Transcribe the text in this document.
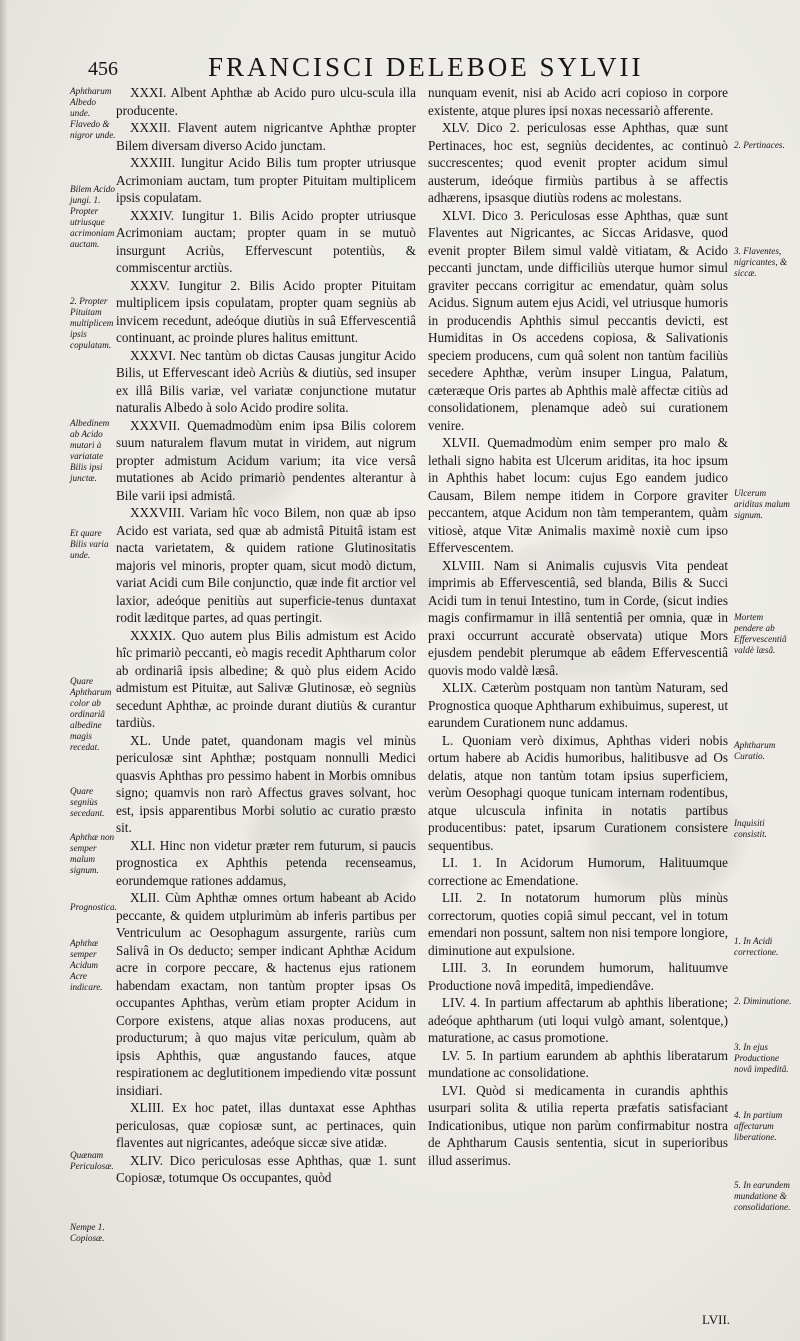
456	FRANCISCI DELEBOE SYLVII

XXXI. Albent Aphthæ ab Acido puro ulcu-scula illa producente.

XXXII. Flavent autem nigricantve Aphthæ propter Bilem diversam diverso Acido junctam.

XXXIII. Iungitur Acido Bilis tum propter utriusque Acrimoniam auctam, tum propter Pituitam multiplicem ipsis copulatam.

XXXIV. Iungitur 1. Bilis Acido propter utriusque Acrimoniam auctam; propter quam in se mutuò insurgunt Acriùs, Effervescunt potentiùs, & commiscentur arctiùs.

XXXV. Iungitur 2. Bilis Acido propter Pituitam multiplicem ipsis copulatam, propter quam segniùs ab invicem recedunt, adeóque diutiùs in suâ Effervescentiâ continuant, ac proinde plures halitus emittunt.

XXXVI. Nec tantùm ob dictas Causas jungitur Acido Bilis, ut Effervescant ideò Acriùs & diutiùs, sed insuper ex illâ Bilis variæ, vel variatæ conjunctione mutatur naturalis Albedo à solo Acido prodire solita.

XXXVII. Quemadmodùm enim ipsa Bilis colorem suum naturalem flavum mutat in viridem, aut nigrum propter admistum Acidum varium; ita vice versâ mutationes ab Acido primariò pendentes alterantur à Bile varii ipsi admistâ.

XXXVIII. Variam hîc voco Bilem, non quæ ab ipso Acido est variata, sed quæ ab admistâ Pituitâ istam est nacta varietatem, & quidem ratione Glutinositatis majoris vel minoris, propter quam, sicut modò dictum, variat Acidi cum Bile conjunctio, quæ inde fit arctior vel laxior, adeóque penitiùs aut superficie-tenus duntaxat rodit læditque partes, ad quas pertingit.

XXXIX. Quo autem plus Bilis admistum est Acido hîc primariò peccanti, eò magis recedit Aphtharum color ab ordinariâ ipsis albedine; & quò plus eidem Acido admistum est Pituitæ, aut Salivæ Glutinosæ, eò segniùs secedunt Aphthæ, ac proinde durant diutiùs & curantur tardiùs.

XL. Unde patet, quandonam magis vel minùs periculosæ sint Aphthæ; postquam nonnulli Medici quasvis Aphthas pro pessimo habent in Morbis omnibus signo; quamvis non rarò Affectus graves solvant, hoc est, ipsis apparentibus Morbi solutio ac curatio præsto sit.

XLI. Hinc non videtur præter rem futurum, si paucis prognostica ex Aphthis petenda recenseamus, eorundemque rationes addamus,

XLII. Cùm Aphthæ omnes ortum habeant ab Acido peccante, & quidem utplurimùm ab inferis partibus per Ventriculum ac Oesophagum assurgente, rariùs cum Salivâ in Os deducto; semper indicant Aphthæ Acidum acre in corpore peccare, & hactenus ejus rationem habendam exactam, non tantùm propter ipsas Os occupantes Aphthas, verùm etiam propter Acidum in Corpore existens, atque alias noxas producens, aut producturum; à quo majus vitæ periculum, quàm ab ipsis Aphthis, quæ angustando fauces, atque respirationem ac deglutitionem impediendo vitæ possunt insidiari.

XLIII. Ex hoc patet, illas duntaxat esse Aphthas periculosas, quæ copiosæ sunt, ac pertinaces, quin flaventes aut nigricantes, adeóque siccæ sive atidæ.

XLIV. Dico periculosas esse Aphthas, quæ 1. sunt Copiosæ, totumque Os occupantes, quòd

nunquam evenit, nisi ab Acido acri copioso in corpore existente, atque plures ipsi noxas necessariò afferente.

XLV. Dico 2. periculosas esse Aphthas, quæ sunt Pertinaces, hoc est, segniùs decidentes, ac continuò succrescentes; quod evenit propter acidum simul austerum, ideóque firmiùs partibus à se affectis adhærens, ipsasque diutiùs rodens ac molestans.

XLVI. Dico 3. Periculosas esse Aphthas, quæ sunt Flaventes aut Nigricantes, ac Siccas Aridasve, quod evenit propter Bilem simul valdè vitiatam, & Acido peccanti junctam, unde difficiliùs uterque humor simul graviter peccans corrigitur ac emendatur, quàm solus Acidus. Signum autem ejus Acidi, vel utriusque humoris in producendis Aphthis simul peccantis devicti, est Humiditas in Os accedens copiosa, & Salivationis speciem producens, cum quâ solent non tantùm faciliùs secedere Aphthæ, verùm insuper Lingua, Palatum, cæteræque Oris partes ab Aphthis malè affectæ citiùs ad consolidationem, plenamque adeò sui curationem venire.

XLVII. Quemadmodùm enim semper pro malo & lethali signo habita est Ulcerum ariditas, ita hoc ipsum in Aphthis habet locum: cujus Ego eandem judico Causam, Bilem nempe itidem in Corpore graviter peccantem, atque Acidum non tàm temperantem, quàm vitiosè, atque Vitæ Animalis maximè noxiè cum ipso Effervescentem.

XLVIII. Nam si Animalis cujusvis Vita pendeat imprimis ab Effervescentiâ, sed blanda, Bilis & Succi Acidi tum in tenui Intestino, tum in Corde, (sicut indies magis confirmamur in illâ sententiâ per omnia, quæ in praxi occurrunt accuratè observata) utique Mors ejusdem pendebit plerumque ab eâdem Effervescentiâ quovis modo valdè læsâ.

XLIX. Cæterùm postquam non tantùm Naturam, sed Prognostica quoque Aphtharum exhibuimus, superest, ut earundem Curationem nunc addamus.

L. Quoniam verò diximus, Aphthas videri nobis ortum habere ab Acidis humoribus, halitibusve ad Os delatis, atque non tantùm totam ipsius superficiem, verùm Oesophagi quoque tunicam internam rodentibus, atque ulcuscula infinita in notatis partibus producentibus: patet, ipsarum Curationem consistere sequentibus.

LI. 1. In Acidorum Humorum, Halituumque correctione ac Emendatione.

LII. 2. In notatorum humorum plùs minùs correctorum, quoties copiâ simul peccant, vel in totum emendari non possunt, saltem non nisi tempore longiore, diminutione aut expulsione.

LIII. 3. In eorundem humorum, halituumve Productione novâ impeditâ, impediendâve.

LIV. 4. In partium affectarum ab aphthis liberatione; adeóque aphtharum (uti loqui vulgò amant, solentque,) maturatione, ac casus promotione.

LV. 5. In partium earundem ab aphthis liberatarum mundatione ac consolidatione.

LVI. Quòd si medicamenta in curandis aphthis usurpari solita & utilia reperta præfatis satisfaciant Indicationibus, utique non parùm confirmabitur nostra de Aphtharum Causis sententia, sicut in superioribus illud asserimus.

Aphtharum Albedo unde. Flavedo & nigror unde.
Bilem Acido jungi. 1. Propter utriusque acrimoniam auctam.
2. Propter Pituitam multiplicem ipsis copulatam.
Albedinem ab Acido mutari à variatate Bilis ipsi junctæ.
Et quare Bilis varia unde.
Quare Aphtharum color ab ordinariâ albedine magis recedat.
Quare segniùs secedant.
Aphthæ non semper malum signum.
Prognostica.
Aphthæ semper Acidum Acre indicare.
Quænam Periculosæ.
Nempe 1. Copiosæ.
2. Pertinaces.
3. Flaventes, nigricantes, & siccæ.
Ulcerum ariditas malum signum.
Mortem pendere ab Effervescentiâ valdè læsâ.
Aphtharum Curatio.
Inquisiti consistit.
1. In Acidi correctione.
2. Diminutione.
3. In ejus Productione novâ impeditâ.
4. In partium affectarum liberatione.
5. In earundem mundatione & consolidatione.
LVII.
